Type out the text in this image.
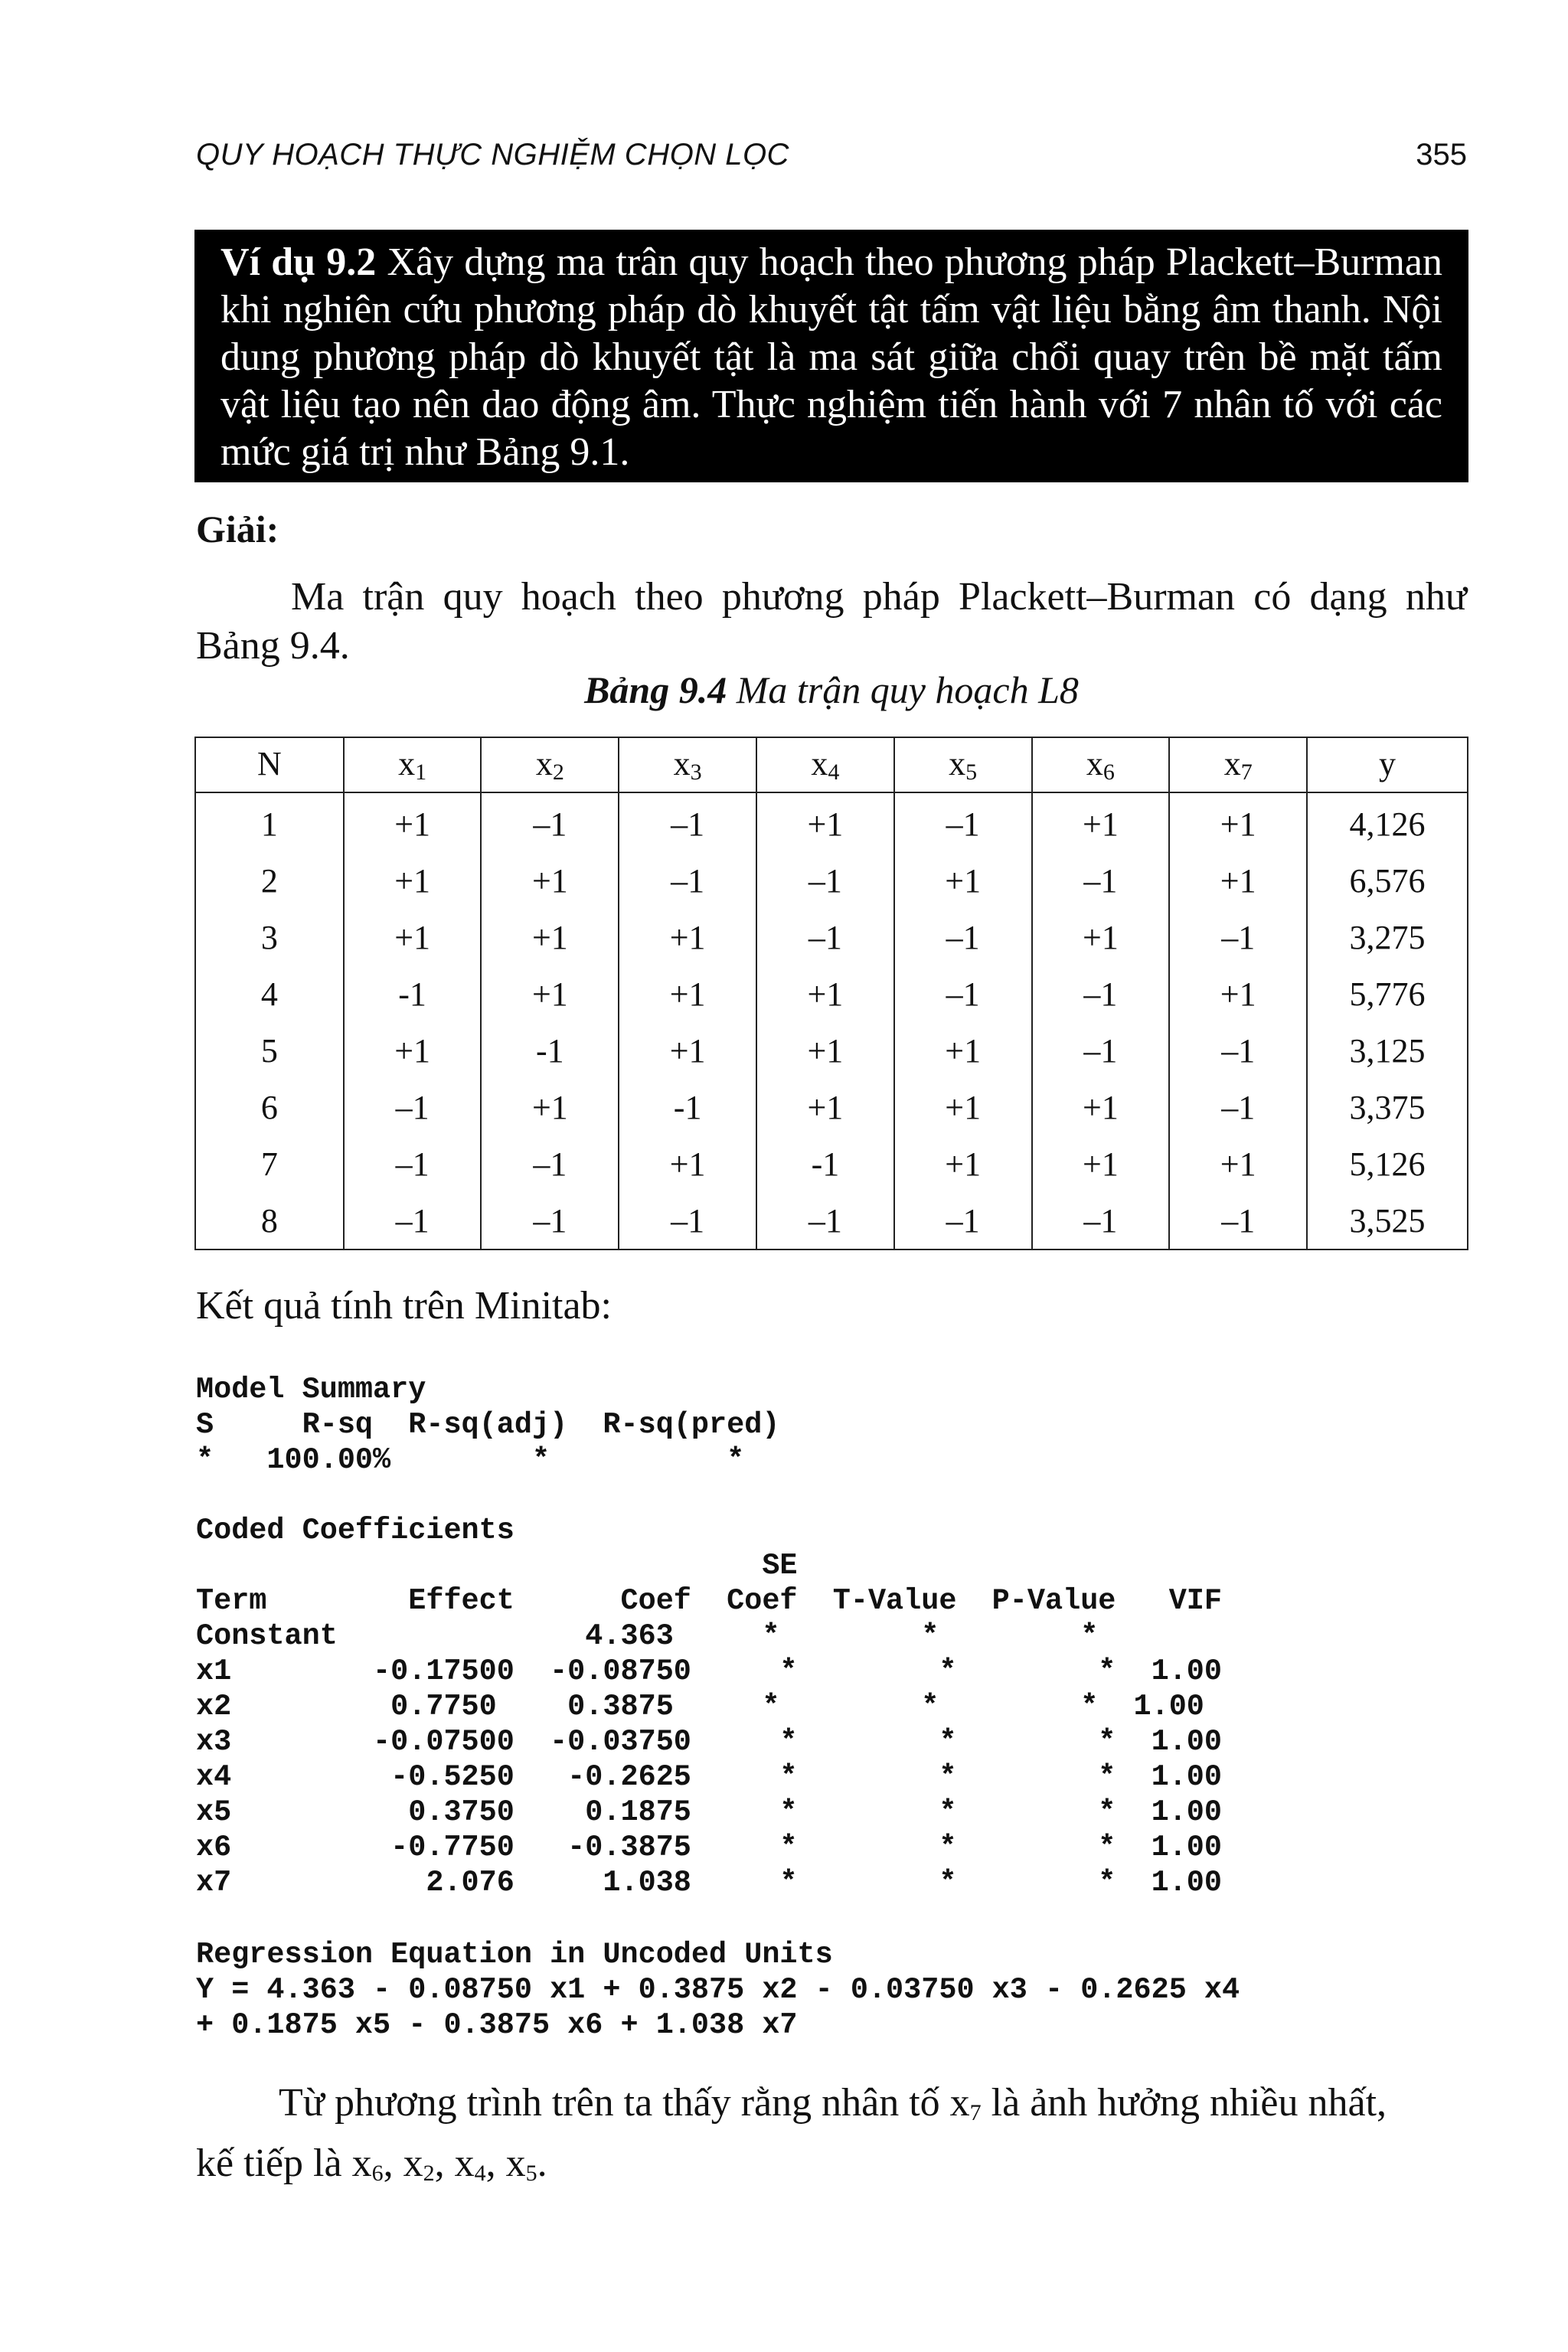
QUY HOẠCH THỰC NGHIỆM CHỌN LỌC	355
Ví dụ 9.2 Xây dựng ma trân quy hoạch theo phương pháp Plackett–Burman khi nghiên cứu phương pháp dò khuyết tật tấm vật liệu bằng âm thanh. Nội dung phương pháp dò khuyết tật là ma sát giữa chổi quay trên bề mặt tấm vật liệu tạo nên dao động âm. Thực nghiệm tiến hành với 7 nhân tố với các mức giá trị như Bảng 9.1.
Giải:
Ma trận quy hoạch theo phương pháp Plackett–Burman có dạng như Bảng 9.4.
Bảng 9.4 Ma trận quy hoạch L8
N	$x_1$	$x_2$	$x_3$	$x_4$	$x_5$	$x_6$	$x_7$	y
1	+1	–1	–1	+1	–1	+1	+1	4,126
2	+1	+1	–1	–1	+1	–1	+1	6,576
3	+1	+1	+1	–1	–1	+1	–1	3,275
4	-1	+1	+1	+1	–1	–1	+1	5,776
5	+1	-1	+1	+1	+1	–1	–1	3,125
6	–1	+1	-1	+1	+1	+1	–1	3,375
7	–1	–1	+1	-1	+1	+1	+1	5,126
8	–1	–1	–1	–1	–1	–1	–1	3,525
Kết quả tính trên Minitab:
Model Summary
S     R-sq  R-sq(adj)  R-sq(pred)
*   100.00%        *          *
Coded Coefficients
SE
Term        Effect      Coef  Coef  T-Value  P-Value   VIF
Constant              4.363     *        *        *
x1        -0.17500  -0.08750     *        *        *  1.00
x2         0.7750    0.3875     *        *        *  1.00
x3        -0.07500  -0.03750     *        *        *  1.00
x4         -0.5250   -0.2625     *        *        *  1.00
x5          0.3750    0.1875     *        *        *  1.00
x6         -0.7750   -0.3875     *        *        *  1.00
x7           2.076     1.038     *        *        *  1.00
Regression Equation in Uncoded Units
Y = 4.363 - 0.08750 x1 + 0.3875 x2 - 0.03750 x3 - 0.2625 x4
+ 0.1875 x5 - 0.3875 x6 + 1.038 x7
Từ phương trình trên ta thấy rằng nhân tố $x_7$ là ảnh hưởng nhiều nhất,
kế tiếp là $x_6$, $x_2$, $x_4$, $x_5$.
